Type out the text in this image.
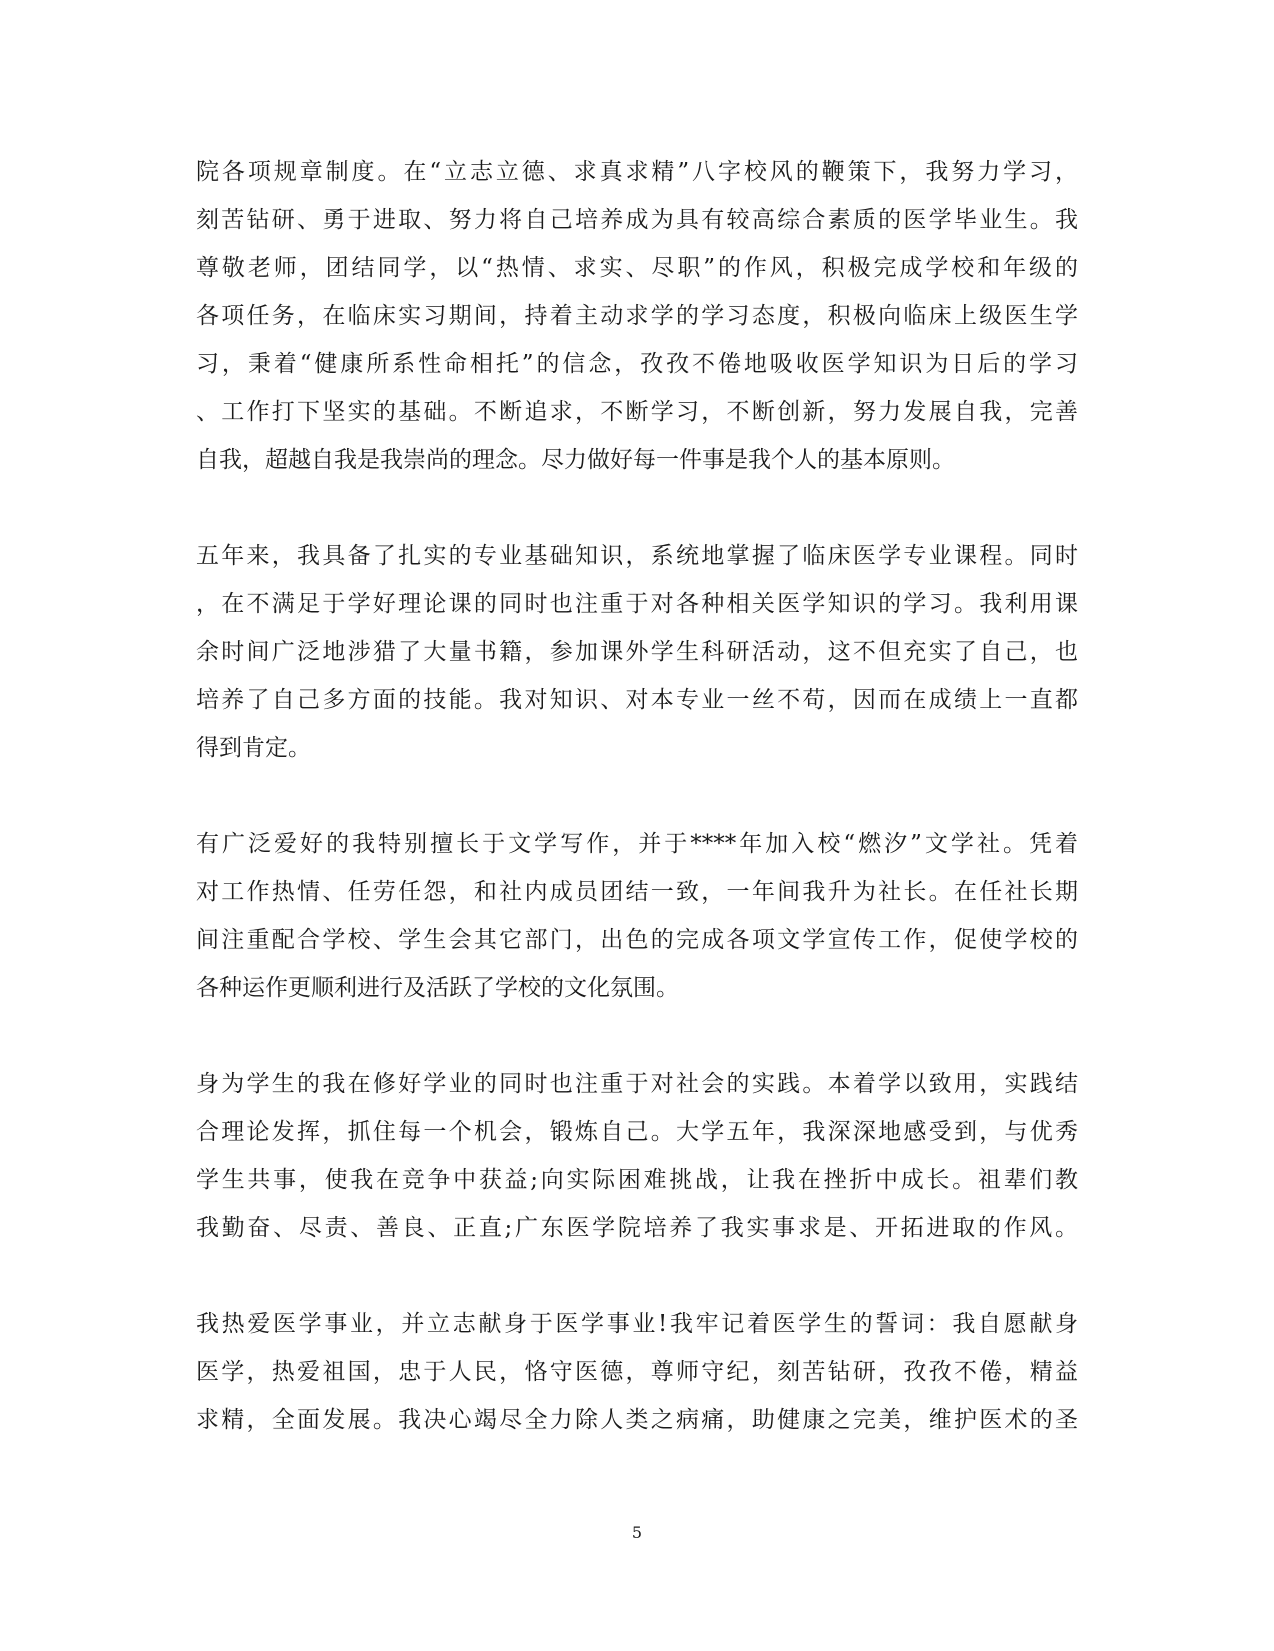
院各项规章制度。在“立志立德、求真求精”八字校风的鞭策下，我努力学习，
刻苦钻研、勇于进取、努力将自己培养成为具有较高综合素质的医学毕业生。我
尊敬老师，团结同学，以“热情、求实、尽职”的作风，积极完成学校和年级的
各项任务，在临床实习期间，持着主动求学的学习态度，积极向临床上级医生学
习，秉着“健康所系性命相托”的信念，孜孜不倦地吸收医学知识为日后的学习
、工作打下坚实的基础。不断追求，不断学习，不断创新，努力发展自我，完善
自我，超越自我是我崇尚的理念。尽力做好每一件事是我个人的基本原则。
五年来，我具备了扎实的专业基础知识，系统地掌握了临床医学专业课程。同时
，在不满足于学好理论课的同时也注重于对各种相关医学知识的学习。我利用课
余时间广泛地涉猎了大量书籍，参加课外学生科研活动，这不但充实了自己，也
培养了自己多方面的技能。我对知识、对本专业一丝不苟，因而在成绩上一直都
得到肯定。
有广泛爱好的我特别擅长于文学写作，并于****年加入校“燃汐”文学社。凭着
对工作热情、任劳任怨，和社内成员团结一致，一年间我升为社长。在任社长期
间注重配合学校、学生会其它部门，出色的完成各项文学宣传工作，促使学校的
各种运作更顺利进行及活跃了学校的文化氛围。
身为学生的我在修好学业的同时也注重于对社会的实践。本着学以致用，实践结
合理论发挥，抓住每一个机会，锻炼自己。大学五年，我深深地感受到，与优秀
学生共事，使我在竞争中获益;向实际困难挑战，让我在挫折中成长。祖辈们教
我勤奋、尽责、善良、正直;广东医学院培养了我实事求是、开拓进取的作风。
我热爱医学事业，并立志献身于医学事业!我牢记着医学生的誓词：我自愿献身
医学，热爱祖国，忠于人民，恪守医德，尊师守纪，刻苦钻研，孜孜不倦，精益
求精，全面发展。我决心竭尽全力除人类之病痛，助健康之完美，维护医术的圣
5
